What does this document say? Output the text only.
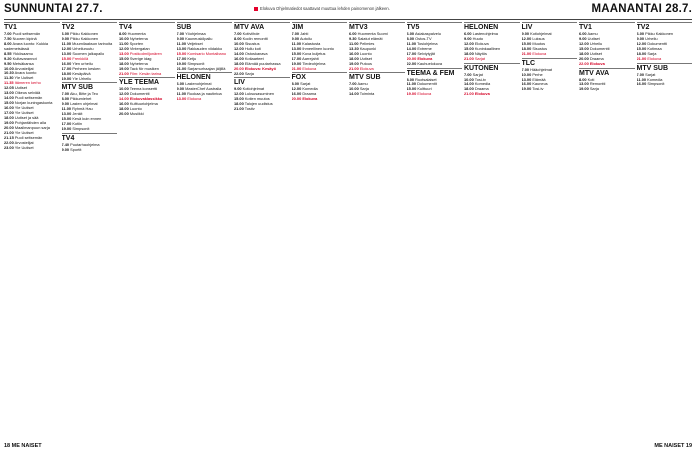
SUNNUNTAI 27.7.	Elokuva Ohjelmatiedot saattavat muuttua lehden painomenon jälkeen.	MAANANTAI 28.7.
TV1
7.00 Puoli seitsemän
7.50 Nuoren kipinä
8.00 Avara luonto: Kukkia sademetsässä
8.55 Ykkösaamu
9.20 Kultavarannot
9.50 Metsäkansa
10.00 Arvostelijat
10.30 Avara luonto
11.30 Yle Uutiset
11.35 Itämeren kerho
12.05 Uutiset
13.00 Oikeus selviää
14.00 Puoli seitsemän
15.00 Norjan kuningaskunta
16.00 Yle Uutiset
17.00 Yle Uutiset
18.00 Uutiset ja sää
19.00 Pohjantähden alla
20.00 Maailmanpuun sarja
21.00 Yle Uutiset
21.15 Puoli seitsemän
22.00 Arvostelijat
23.00 Yle Uutiset
TV2
6.00 Pikku Kakkonen
9.00 Pikku Kakkonen
11.00 Muumilaakson tarinoita
12.00 Urheiluruutu
13.00 Suomen jalkapallo
15.00 Frenkkilä
16.00 Ylen urheilu
17.00 Perheen kesken
18.00 Kesäpäivä
19.00 Yle Urheilu
MTV SUB
7.00 Aku, Bitte ja Teo
8.00 Pikkumiehet
9.00 Lasten ohjelmat
11.00 Ryhmä Hau
13.00 Jenkit
15.00 Kesä kuin ennen
17.00 Kotiin
19.00 Simpsonit
TV4
7.40 Puutarhaohjelma
9.00 Sportit
TV4
8.00 Huomenta
10.00 Nyheterna
11.00 Sporten
12.00 Vintergatan
13.00 Postkodmiljonären
15.00 Sverige idag
18.00 Nyheterna
19.00 Tack för musiken
21.00 Film: Kesän tarina
YLE TEEMA
10.00 Teema konsertti
12.00 Dokumentti
14.00 Elokuvaklassikko
16.00 Kulttuuriohjelma
18.00 Luonto
20.00 Musiikki
SUB
7.00 Yöohjelmaa
9.00 Kauneuskilpailu
11.00 Veljekset
13.00 Rakkauden viidakko
15.00 Komisario Montalbano
17.00 Ketju
19.00 Simpsonit
21.00 Sarjamurhaajan jäljillä
HELONEN
6.00 Lastenohjelmat
9.00 MasterChef Australia
11.00 Ruokaa ja nautintoa
13.00 Elokuva
MTV AVA
7.00 Kotiviihde
8.00 Kodin remontti
10.00 Sisustus
12.00 Hullu koti
14.00 Ostoskanava
16.00 Kotiaarteet
18.00 Elämää puutarhassa
20.00 Elokuva: Kesäyö
22.00 Sarja
LIV
9.00 Kotiohjelmat
12.00 Luksusasuminen
15.00 Kotien muutos
18.00 Talojen uudistus
21.00 Tositv
JIM
7.00 Jahti
9.00 Autoilu
11.00 Kalastusta
13.00 Ihmeellinen luonto
15.00 Kova kuljetus
17.00 Aarrejahti
19.00 Tiedeohjelma
21.00 Elokuva
FOX
8.00 Sarjat
12.00 Komedia
16.00 Draama
20.00 Elokuva
MTV3
6.00 Huomenta Suomi
9.30 Salatut elämät
11.00 Pelimies
13.30 Kaupunki
16.00 Luonto
18.00 Uutiset
19.00 Putous
21.00 Elokuva
MTV SUB
7.00 Aamu
10.00 Sarja
14.00 Toiminta
TV5
6.00 Asiakaspalvelu
8.00 Ostos-TV
11.00 Tosiohjelma
14.00 Extreme
17.00 Selviytyjät
20.00 Elokuva
22.00 Kauhuelokuva
TEEMA & FEM
8.00 Ruotsalaiset
11.00 Dokumentit
15.00 Kulttuuri
19.00 Elokuva
HELONEN
6.00 Lastenohjelma
9.00 Huuto
12.00 Elokuva
15.00 Kuninkaallinen
18.00 Näytös
21.00 Sarjat
KUTONEN
7.00 Sarjat
10.00 Tosi-tv
14.00 Komedia
18.00 Draama
21.00 Elokuva
LIV
9.00 Kotiohjelmat
12.00 Luksus
15.00 Muutos
18.00 Sisustus
21.00 Elokuva
TLC
7.00 Hääohjelmat
10.00 Perhe
13.00 Elämää
16.00 Kauneus
19.00 Tosi-tv
TV1
6.00 Aamu
9.00 Uutiset
12.00 Urheilu
15.00 Dokumentti
18.00 Uutiset
20.00 Draama
22.00 Elokuva
MTV AVA
8.00 Koti
13.00 Remontti
19.00 Sarja
TV2
6.00 Pikku Kakkonen
9.00 Urheilu
12.00 Dokumentti
15.00 Kotimaa
18.00 Sarja
21.00 Elokuva
MTV SUB
7.00 Sarjat
11.00 Komedia
16.00 Simpsonit
18 ME NAISET	ME NAISET 19
